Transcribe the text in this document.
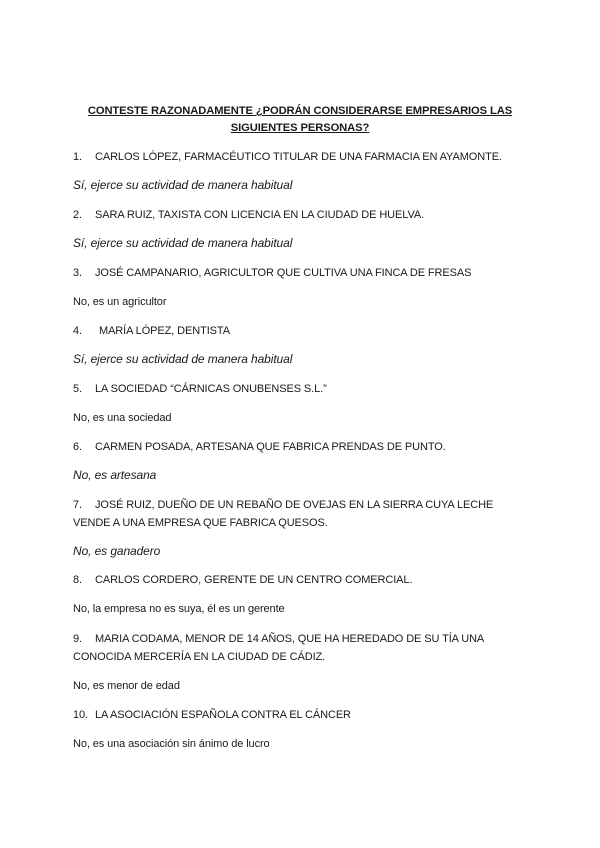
CONTESTE RAZONADAMENTE ¿PODRÁN CONSIDERARSE EMPRESARIOS LAS SIGUIENTES PERSONAS?
1. CARLOS LÓPEZ, FARMACÉUTICO TITULAR DE UNA FARMACIA EN AYAMONTE.
Sí, ejerce su actividad de manera habitual
2. SARA RUIZ, TAXISTA CON LICENCIA EN LA CIUDAD DE HUELVA.
Sí, ejerce su actividad de manera habitual
3. JOSÉ CAMPANARIO, AGRICULTOR QUE CULTIVA UNA FINCA DE FRESAS
No, es un agricultor
4. MARÍA LÓPEZ, DENTISTA
Sí, ejerce su actividad de manera habitual
5. LA SOCIEDAD “CÁRNICAS ONUBENSES S.L.”
No, es una sociedad
6. CARMEN POSADA, ARTESANA QUE FABRICA PRENDAS DE PUNTO.
No, es artesana
7. JOSÉ RUIZ, DUEÑO DE UN REBAÑO DE OVEJAS EN LA SIERRA CUYA LECHE VENDE A UNA EMPRESA QUE FABRICA QUESOS.
No, es ganadero
8. CARLOS CORDERO, GERENTE DE UN CENTRO COMERCIAL.
No, la empresa no es suya, él es un gerente
9. MARIA CODAMA, MENOR DE 14 AÑOS, QUE HA HEREDADO DE SU TÍA UNA CONOCIDA MERCERÍA EN LA CIUDAD DE CÁDIZ.
No, es menor de edad
10. LA ASOCIACIÓN ESPAÑOLA CONTRA EL CÁNCER
No, es una asociación sin ánimo de lucro
